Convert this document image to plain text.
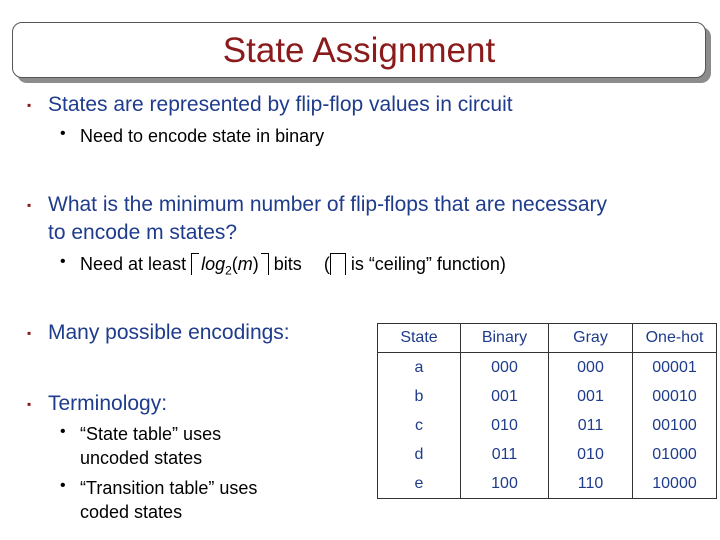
State Assignment
▪ States are represented by flip-flop values in circuit
• Need to encode state in binary
▪ What is the minimum number of flip-flops that are necessary
to encode m states?
• Need at least $\log_2(m)$ bits ( is “ceiling” function)
▪ Many possible encodings:
▪ Terminology:
• “State table” uses
uncoded states
• “Transition table” uses
coded states
State	Binary	Gray	One-hot
a	000	000	00001
b	001	001	00010
c	010	011	00100
d	011	010	01000
e	100	110	10000
